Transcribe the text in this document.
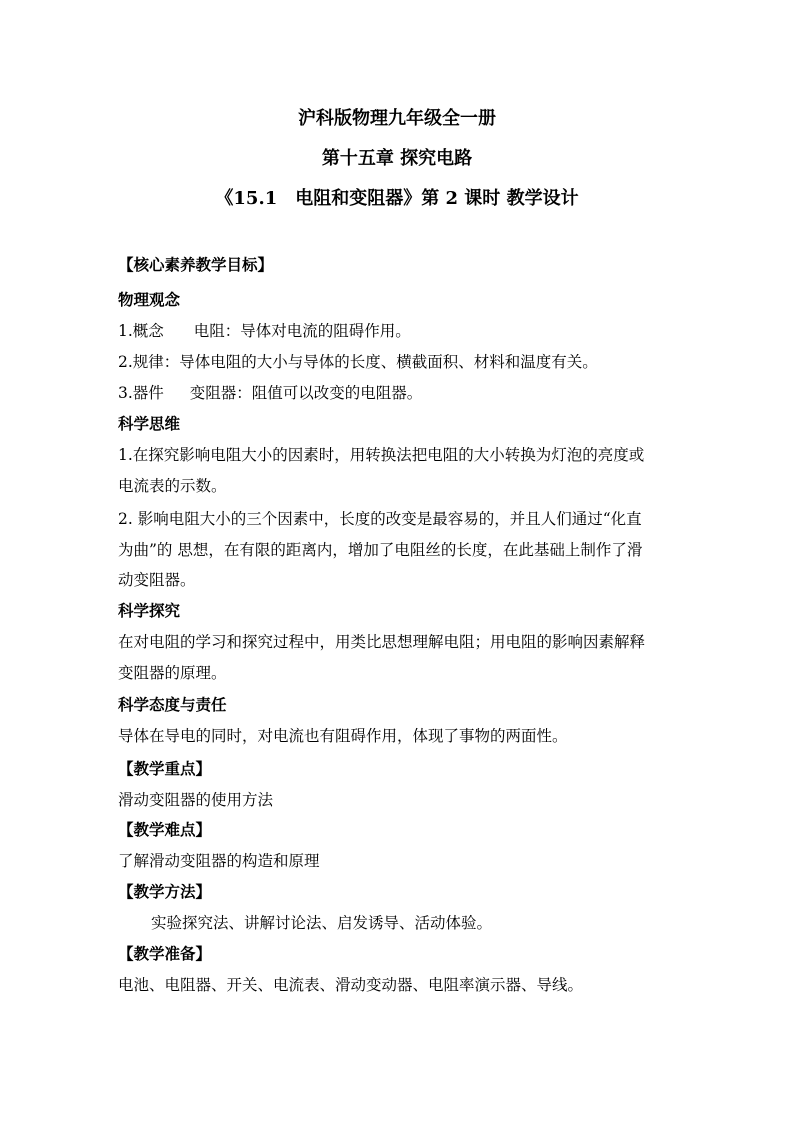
沪科版物理九年级全一册
第十五章 探究电路
《15.1　电阻和变阻器》第 2 课时 教学设计
【核心素养教学目标】
物理观念
1.概念 电阻：导体对电流的阻碍作用。
2.规律：导体电阻的大小与导体的长度、横截面积、材料和温度有关。
3.器件 变阻器：阻值可以改变的电阻器。
科学思维
1.在探究影响电阻大小的因素时，用转换法把电阻的大小转换为灯泡的亮度或
电流表的示数。
2. 影响电阻大小的三个因素中，长度的改变是最容易的，并且人们通过“化直
为曲”的 思想，在有限的距离内，增加了电阻丝的长度，在此基础上制作了滑
动变阻器。
科学探究
在对电阻的学习和探究过程中，用类比思想理解电阻；用电阻的影响因素解释
变阻器的原理。
科学态度与责任
导体在导电的同时，对电流也有阻碍作用，体现了事物的两面性。
【教学重点】
滑动变阻器的使用方法
【教学难点】
了解滑动变阻器的构造和原理
【教学方法】
实验探究法、讲解讨论法、启发诱导、活动体验。
【教学准备】
电池、电阻器、开关、电流表、滑动变动器、电阻率演示器、导线。
